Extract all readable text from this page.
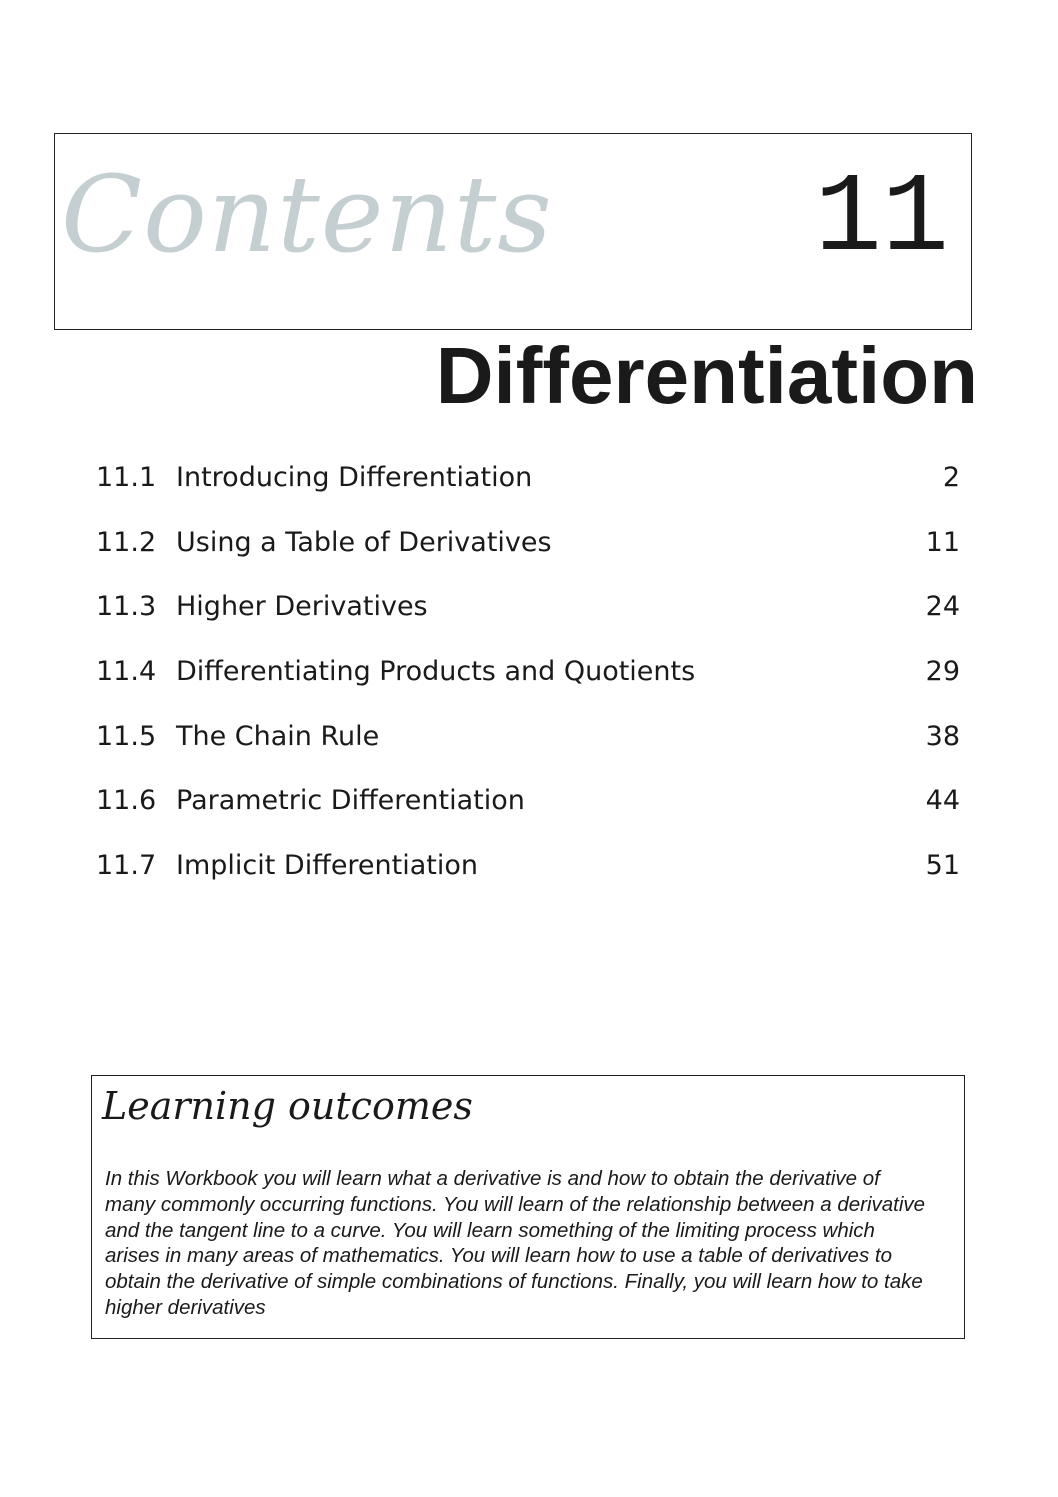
Contents 11
Differentiation
11.1 Introducing Differentiation	2
11.2 Using a Table of Derivatives	11
11.3 Higher Derivatives	24
11.4 Differentiating Products and Quotients	29
11.5 The Chain Rule	38
11.6 Parametric Differentiation	44
11.7 Implicit Differentiation	51
Learning outcomes

In this Workbook you will learn what a derivative is and how to obtain the derivative of
many commonly occurring functions. You will learn of the relationship between a derivative
and the tangent line to a curve. You will learn something of the limiting process which
arises in many areas of mathematics. You will learn how to use a table of derivatives to
obtain the derivative of simple combinations of functions. Finally, you will learn how to take
higher derivatives
